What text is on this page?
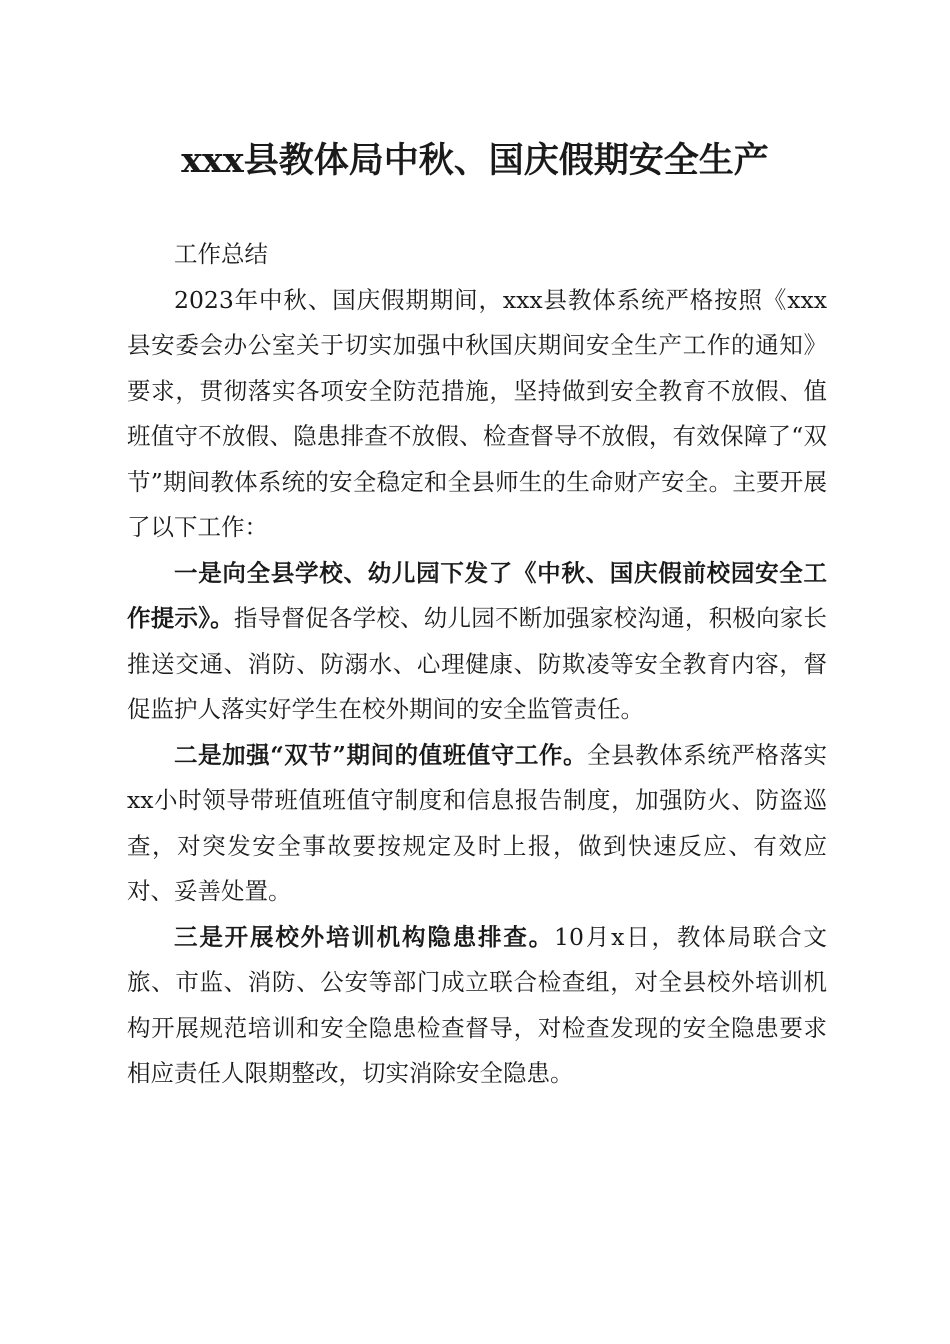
xxx县教体局中秋、国庆假期安全生产

工作总结

2023年中秋、国庆假期期间，xxx县教体系统严格按照《xxx县安委会办公室关于切实加强中秋国庆期间安全生产工作的通知》要求，贯彻落实各项安全防范措施，坚持做到安全教育不放假、值班值守不放假、隐患排查不放假、检查督导不放假，有效保障了“双节”期间教体系统的安全稳定和全县师生的生命财产安全。主要开展了以下工作：

一是向全县学校、幼儿园下发了《中秋、国庆假前校园安全工作提示》。指导督促各学校、幼儿园不断加强家校沟通，积极向家长推送交通、消防、防溺水、心理健康、防欺凌等安全教育内容，督促监护人落实好学生在校外期间的安全监管责任。

二是加强“双节”期间的值班值守工作。全县教体系统严格落实xx小时领导带班值班值守制度和信息报告制度，加强防火、防盗巡查，对突发安全事故要按规定及时上报，做到快速反应、有效应对、妥善处置。

三是开展校外培训机构隐患排查。10月x日，教体局联合文旅、市监、消防、公安等部门成立联合检查组，对全县校外培训机构开展规范培训和安全隐患检查督导，对检查发现的安全隐患要求相应责任人限期整改，切实消除安全隐患。
